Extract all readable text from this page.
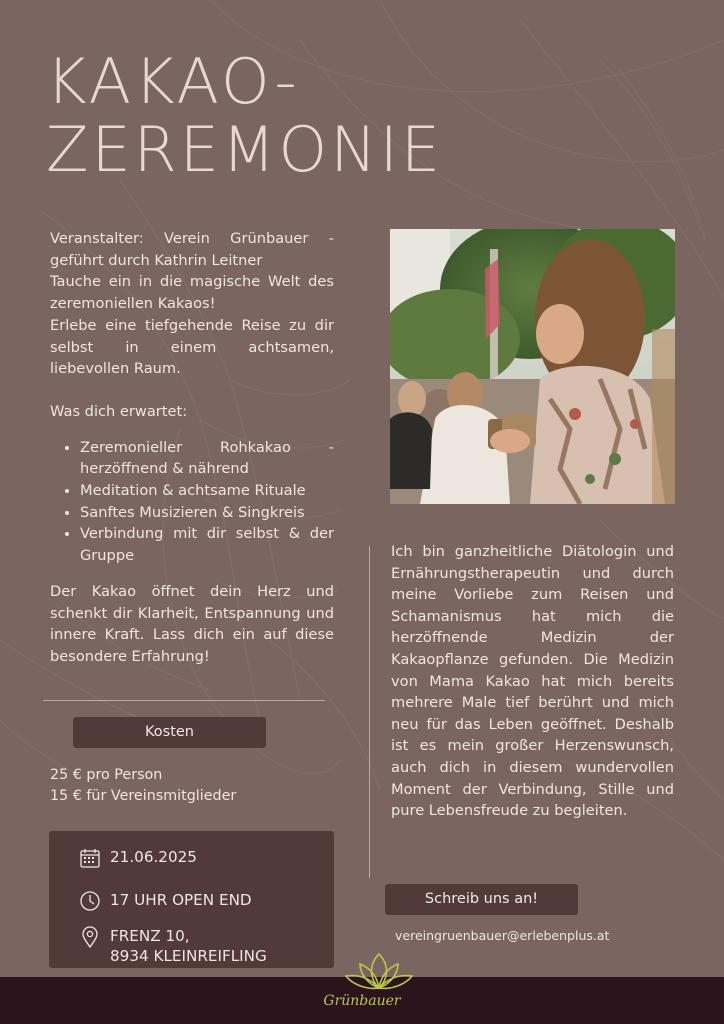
KAKAO-
ZEREMONIE

Veranstalter: Verein Grünbauer - geführt durch Kathrin Leitner

Tauche ein in die magische Welt des zeremoniellen Kakaos!

Erlebe eine tiefgehende Reise zu dir selbst in einem achtsamen, liebevollen Raum.

Was dich erwartet:

• Zeremonieller Rohkakao - herzöffnend & nährend
• Meditation & achtsame Rituale
• Sanftes Musizieren & Singkreis
• Verbindung mit dir selbst & der Gruppe

Der Kakao öffnet dein Herz und schenkt dir Klarheit, Entspannung und innere Kraft. Lass dich ein auf diese besondere Erfahrung!

Kosten
25 € pro Person
15 € für Vereinsmitglieder
21.06.2025
17 UHR OPEN END
FRENZ 10,
8934 KLEINREIFLING

Ich bin ganzheitliche Diätologin und Ernährungstherapeutin und durch meine Vorliebe zum Reisen und Schamanismus hat mich die herzöffnende Medizin der Kakaopflanze gefunden. Die Medizin von Mama Kakao hat mich bereits mehrere Male tief berührt und mich neu für das Leben geöffnet. Deshalb ist es mein großer Herzenswunsch, auch dich in diesem wundervollen Moment der Verbindung, Stille und pure Lebensfreude zu begleiten.

Schreib uns an!
vereingruenbauer@erlebenplus.at
Grünbauer
